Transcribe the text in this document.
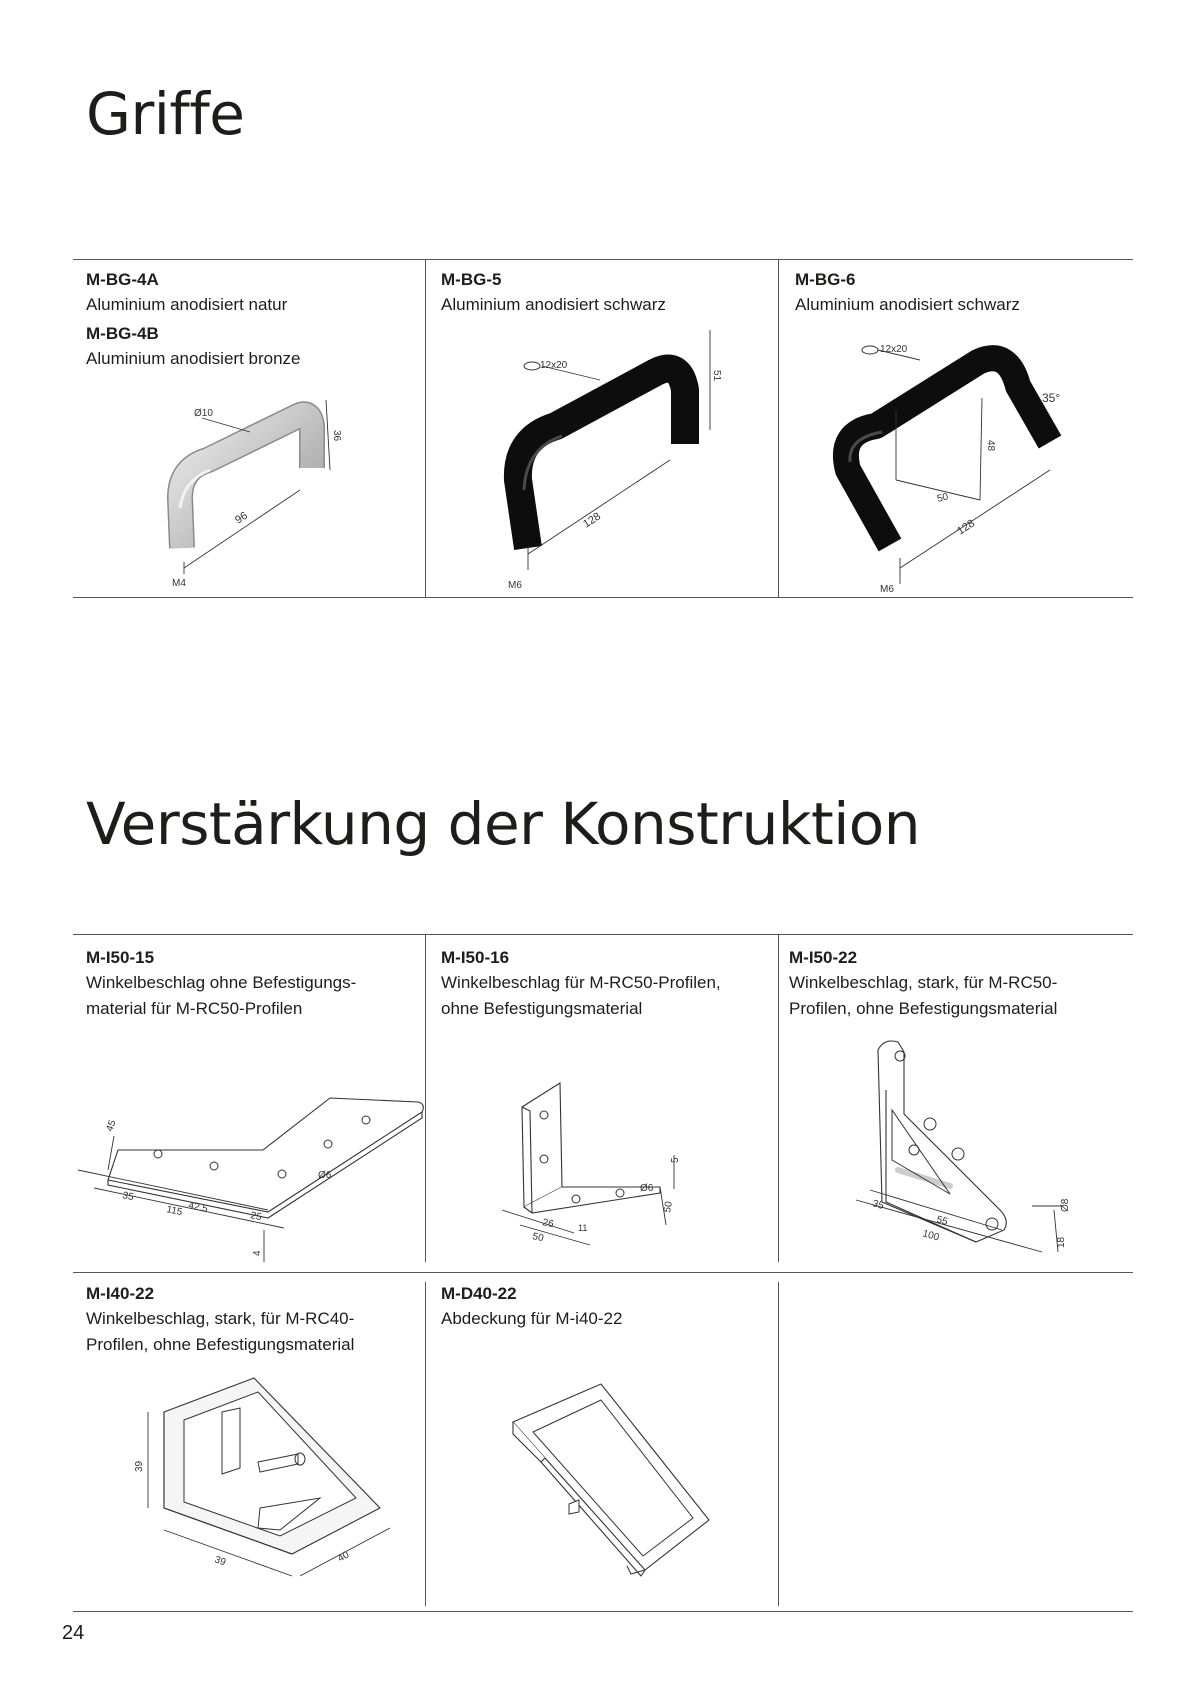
Griffe
M-BG-4A
Aluminium anodisiert natur
M-BG-4B
Aluminium anodisiert bronze
Ø10
96
36
M4
M-BG-5
Aluminium anodisiert schwarz
12x20
128
51
M6
M-BG-6
Aluminium anodisiert schwarz
12x20
128
50
48
35°
M6
Verstärkung der Konstruktion
M-I50-15
Winkelbeschlag ohne Befestigungs-
material für M-RC50-Profilen
35
42.5
25
115
Ø6
45
4
M-I50-16
Winkelbeschlag für M-RC50-Profilen,
ohne Befestigungsmaterial
26
50
Ø6
5
50
11
M-I50-22
Winkelbeschlag, stark, für M-RC50-
Profilen, ohne Befestigungsmaterial
35
55
100
Ø8
18
M-I40-22
Winkelbeschlag, stark, für M-RC40-
Profilen, ohne Befestigungsmaterial
39
39	40
M-D40-22
Abdeckung für M-i40-22
24
